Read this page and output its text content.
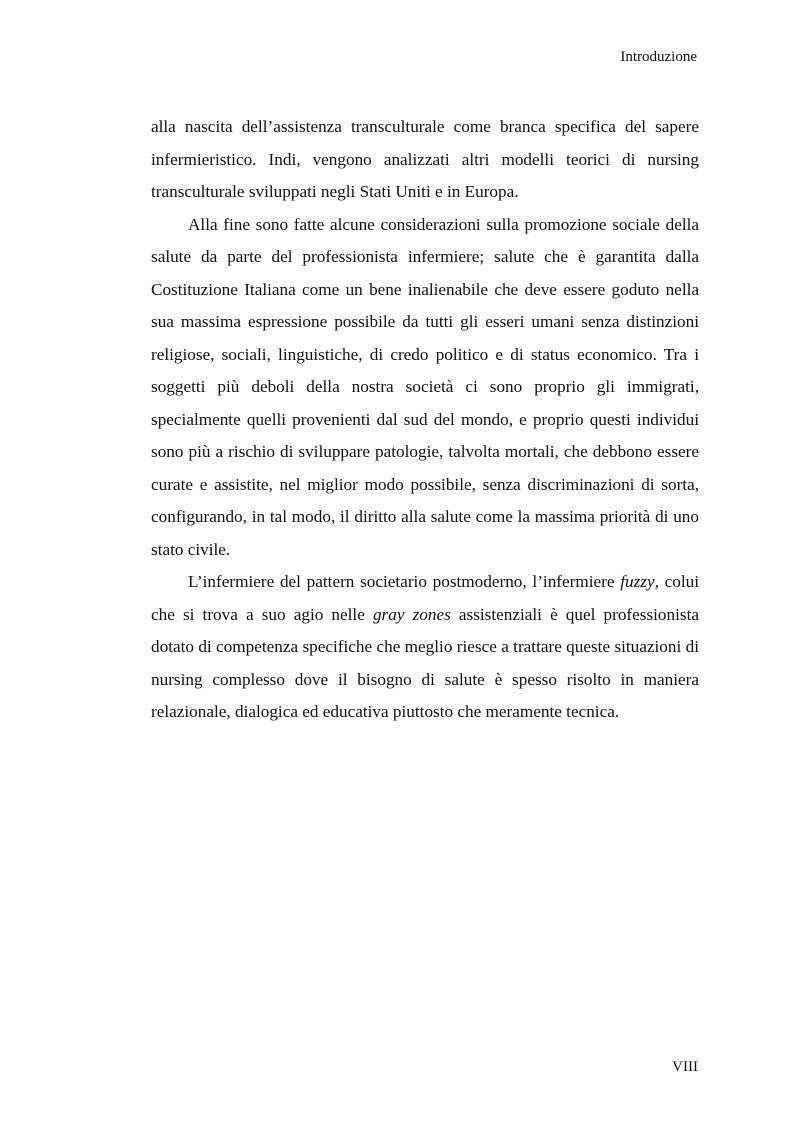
Introduzione

alla nascita dell’assistenza transculturale come branca specifica del sapere infermieristico. Indi, vengono analizzati altri modelli teorici di nursing transculturale sviluppati negli Stati Uniti e in Europa.

Alla fine sono fatte alcune considerazioni sulla promozione sociale della salute da parte del professionista infermiere; salute che è garantita dalla Costituzione Italiana come un bene inalienabile che deve essere goduto nella sua massima espressione possibile da tutti gli esseri umani senza distinzioni religiose, sociali, linguistiche, di credo politico e di status economico. Tra i soggetti più deboli della nostra società ci sono proprio gli immigrati, specialmente quelli provenienti dal sud del mondo, e proprio questi individui sono più a rischio di sviluppare patologie, talvolta mortali, che debbono essere curate e assistite, nel miglior modo possibile, senza discriminazioni di sorta, configurando, in tal modo, il diritto alla salute come la massima priorità di uno stato civile.

L’infermiere del pattern societario postmoderno, l’infermiere fuzzy, colui che si trova a suo agio nelle gray zones assistenziali è quel professionista dotato di competenza specifiche che meglio riesce a trattare queste situazioni di nursing complesso dove il bisogno di salute è spesso risolto in maniera relazionale, dialogica ed educativa piuttosto che meramente tecnica.

VIII
